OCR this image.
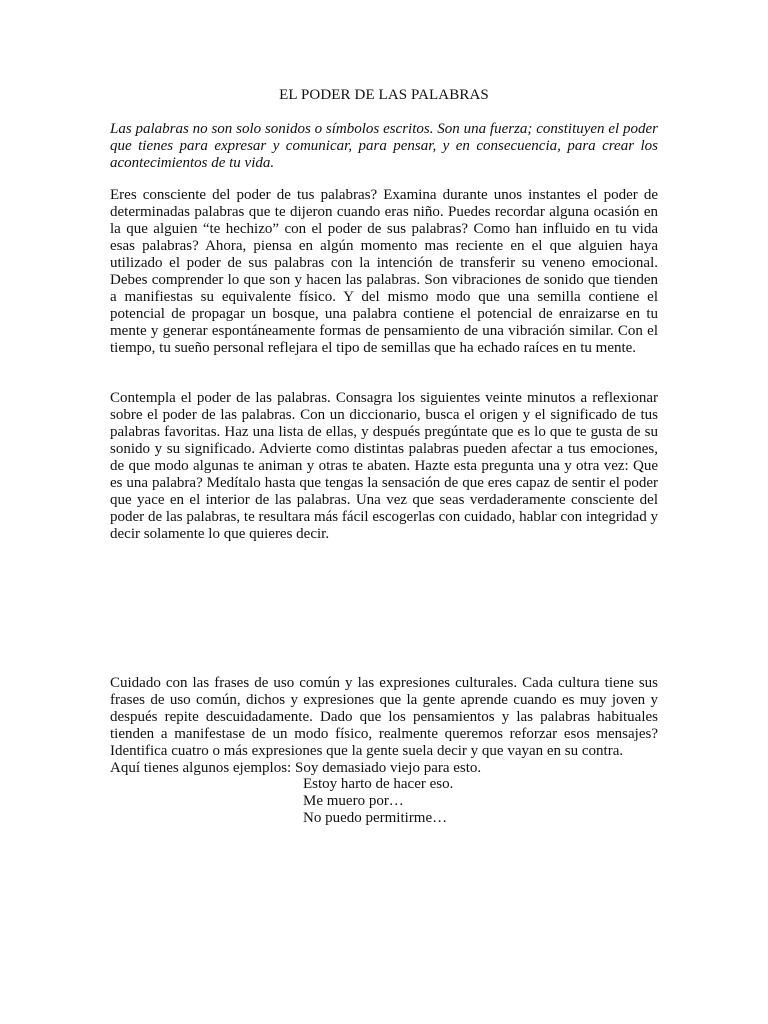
EL PODER DE LAS PALABRAS

Las palabras no son solo sonidos o símbolos escritos. Son una fuerza; constituyen el poder que tienes para expresar y comunicar, para pensar, y en consecuencia, para crear los acontecimientos de tu vida.

Eres consciente del poder de tus palabras? Examina durante unos instantes el poder de determinadas palabras que te dijeron cuando eras niño. Puedes recordar alguna ocasión en la que alguien “te hechizo” con el poder de sus palabras? Como han influido en tu vida esas palabras? Ahora, piensa en algún momento mas reciente en el que alguien haya utilizado el poder de sus palabras con la intención de transferir su veneno emocional. Debes comprender lo que son y hacen las palabras. Son vibraciones de sonido que tienden a manifiestas su equivalente físico. Y del mismo modo que una semilla contiene el potencial de propagar un bosque, una palabra contiene el potencial de enraizarse en tu mente y generar espontáneamente formas de pensamiento de una vibración similar. Con el tiempo, tu sueño personal reflejara el tipo de semillas que ha echado raíces en tu mente.

Contempla el poder de las palabras. Consagra los siguientes veinte minutos a reflexionar sobre el poder de las palabras. Con un diccionario, busca el origen y el significado de tus palabras favoritas. Haz una lista de ellas, y después pregúntate que es lo que te gusta de su sonido y su significado. Advierte como distintas palabras pueden afectar a tus emociones, de que modo algunas te animan y otras te abaten. Hazte esta pregunta una y otra vez: Que es una palabra? Medítalo hasta que tengas la sensación de que eres capaz de sentir el poder que yace en el interior de las palabras. Una vez que seas verdaderamente consciente del poder de las palabras, te resultara más fácil escogerlas con cuidado, hablar con integridad y decir solamente lo que quieres decir.

Cuidado con las frases de uso común y las expresiones culturales. Cada cultura tiene sus frases de uso común, dichos y expresiones que la gente aprende cuando es muy joven y después repite descuidadamente. Dado que los pensamientos y las palabras habituales tienden a manifestase de un modo físico, realmente queremos reforzar esos mensajes? Identifica cuatro o más expresiones que la gente suela decir y que vayan en su contra.
Aquí tienes algunos ejemplos: Soy demasiado viejo para esto.
Estoy harto de hacer eso.
Me muero por…
No puedo permitirme…
